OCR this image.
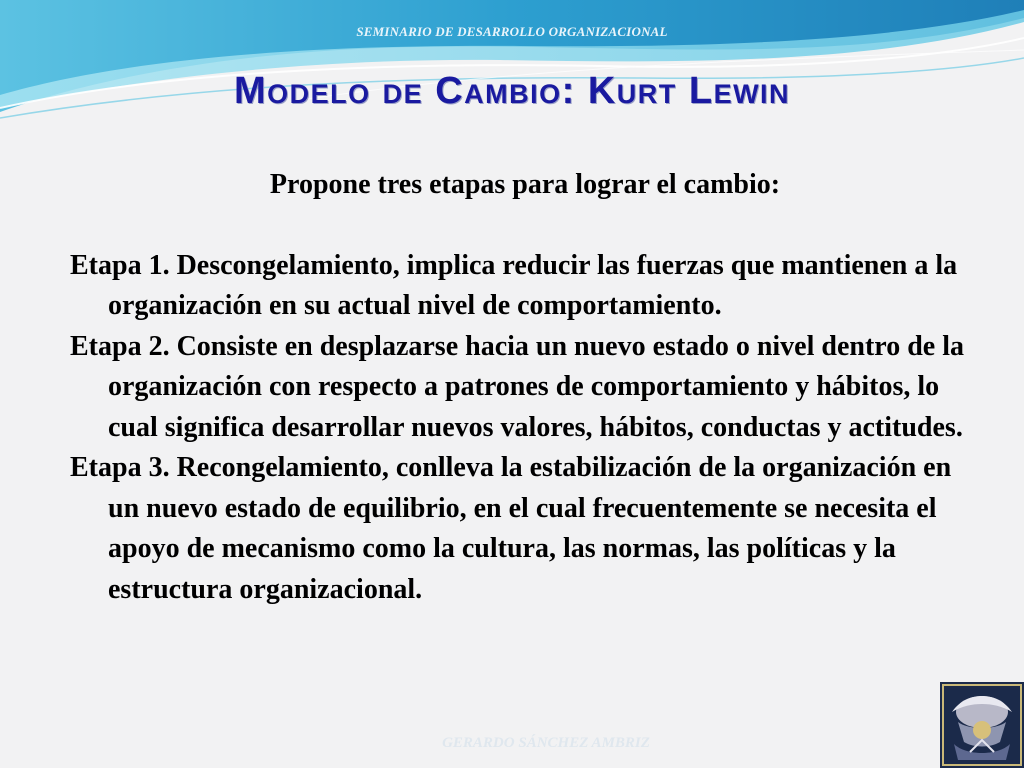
SEMINARIO DE DESARROLLO ORGANIZACIONAL
Modelo de Cambio: Kurt Lewin

Propone tres etapas para lograr el cambio:

Etapa 1. Descongelamiento, implica reducir las fuerzas que mantienen a la organización en su actual nivel de comportamiento.

Etapa 2. Consiste en desplazarse hacia un nuevo estado o nivel dentro de la organización con respecto a patrones de comportamiento y hábitos, lo cual significa desarrollar nuevos valores, hábitos, conductas y actitudes.

Etapa 3. Recongelamiento, conlleva la estabilización de la organización en un nuevo estado de equilibrio, en el cual frecuentemente se necesita el apoyo de mecanismo como la cultura, las normas, las políticas y la estructura organizacional.

GERARDO SÁNCHEZ AMBRIZ
